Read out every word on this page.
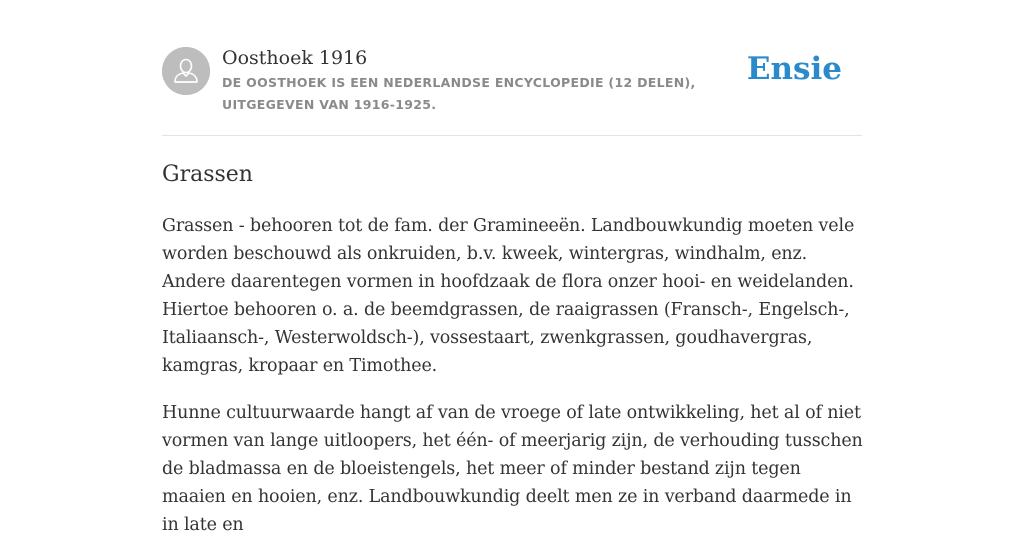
Oosthoek 1916
DE OOSTHOEK IS EEN NEDERLANDSE ENCYCLOPEDIE (12 DELEN), UITGEGEVEN VAN 1916-1925.
Ensie
Grassen

Grassen - behooren tot de fam. der Gramineeën. Landbouwkundig moeten vele worden beschouwd als onkruiden, b.v. kweek, wintergras, windhalm, enz. Andere daarentegen vormen in hoofdzaak de flora onzer hooi- en weidelanden. Hiertoe behooren o. a. de beemdgrassen, de raaigrassen (Fransch-, Engelsch-, Italiaansch-, Westerwoldsch-), vossestaart, zwenkgrassen, goudhavergras, kamgras, kropaar en Timothee.

Hunne cultuurwaarde hangt af van de vroege of late ontwikkeling, het al of niet vormen van lange uitloopers, het één- of meerjarig zijn, de verhouding tusschen de bladmassa en de bloeistengels, het meer of minder bestand zijn tegen maaien en hooien, enz. Landbouwkundig deelt men ze in verband daarmede in in late en
